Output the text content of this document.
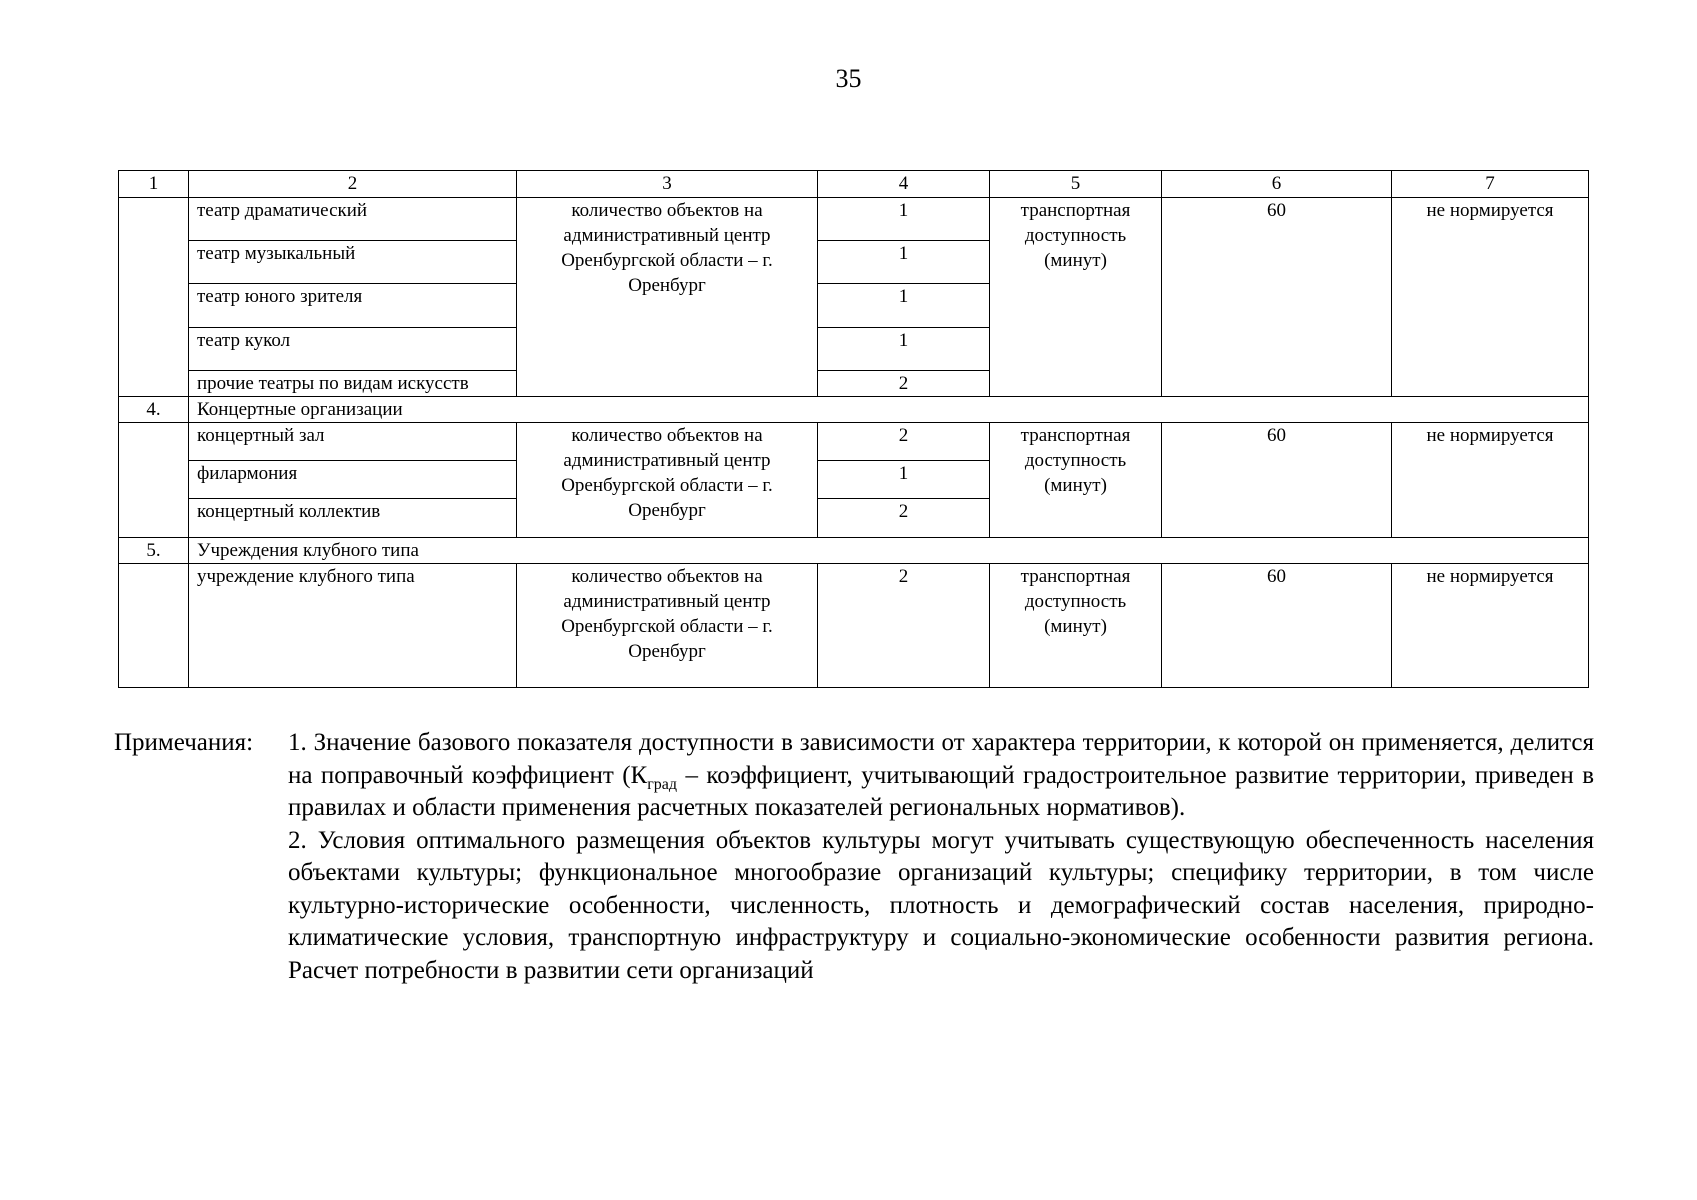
35
1	2	3	4	5	6	7
	театр драматический	количество объектов на административный центр Оренбургской области – г. Оренбург	1	транспортная доступность (минут)	60	не нормируется
	театр музыкальный		1			
	театр юного зрителя		1			
	театр кукол		1			
	прочие театры по видам искусств		2			
4.	Концертные организации					
	концертный зал	количество объектов на административный центр Оренбургской области – г. Оренбург	2	транспортная доступность (минут)	60	не нормируется
	филармония		1			
	концертный коллектив		2			
5.	Учреждения клубного типа					
	учреждение клубного типа	количество объектов на административный центр Оренбургской области – г. Оренбург	2	транспортная доступность (минут)	60	не нормируется
Примечания: 1. Значение базового показателя доступности в зависимости от характера территории, к которой он применяется, делится на поправочный коэффициент ($К_{град}$ – коэффициент, учитывающий градостроительное развитие территории, приведен в правилах и области применения расчетных показателей региональных нормативов).

2. Условия оптимального размещения объектов культуры могут учитывать существующую обеспеченность населения объектами культуры; функциональное многообразие организаций культуры; специфику территории, в том числе культурно-исторические особенности, численность, плотность и демографический состав населения, природно-климатические условия, транспортную инфраструктуру и социально-экономические особенности развития региона. Расчет потребности в развитии сети организаций
